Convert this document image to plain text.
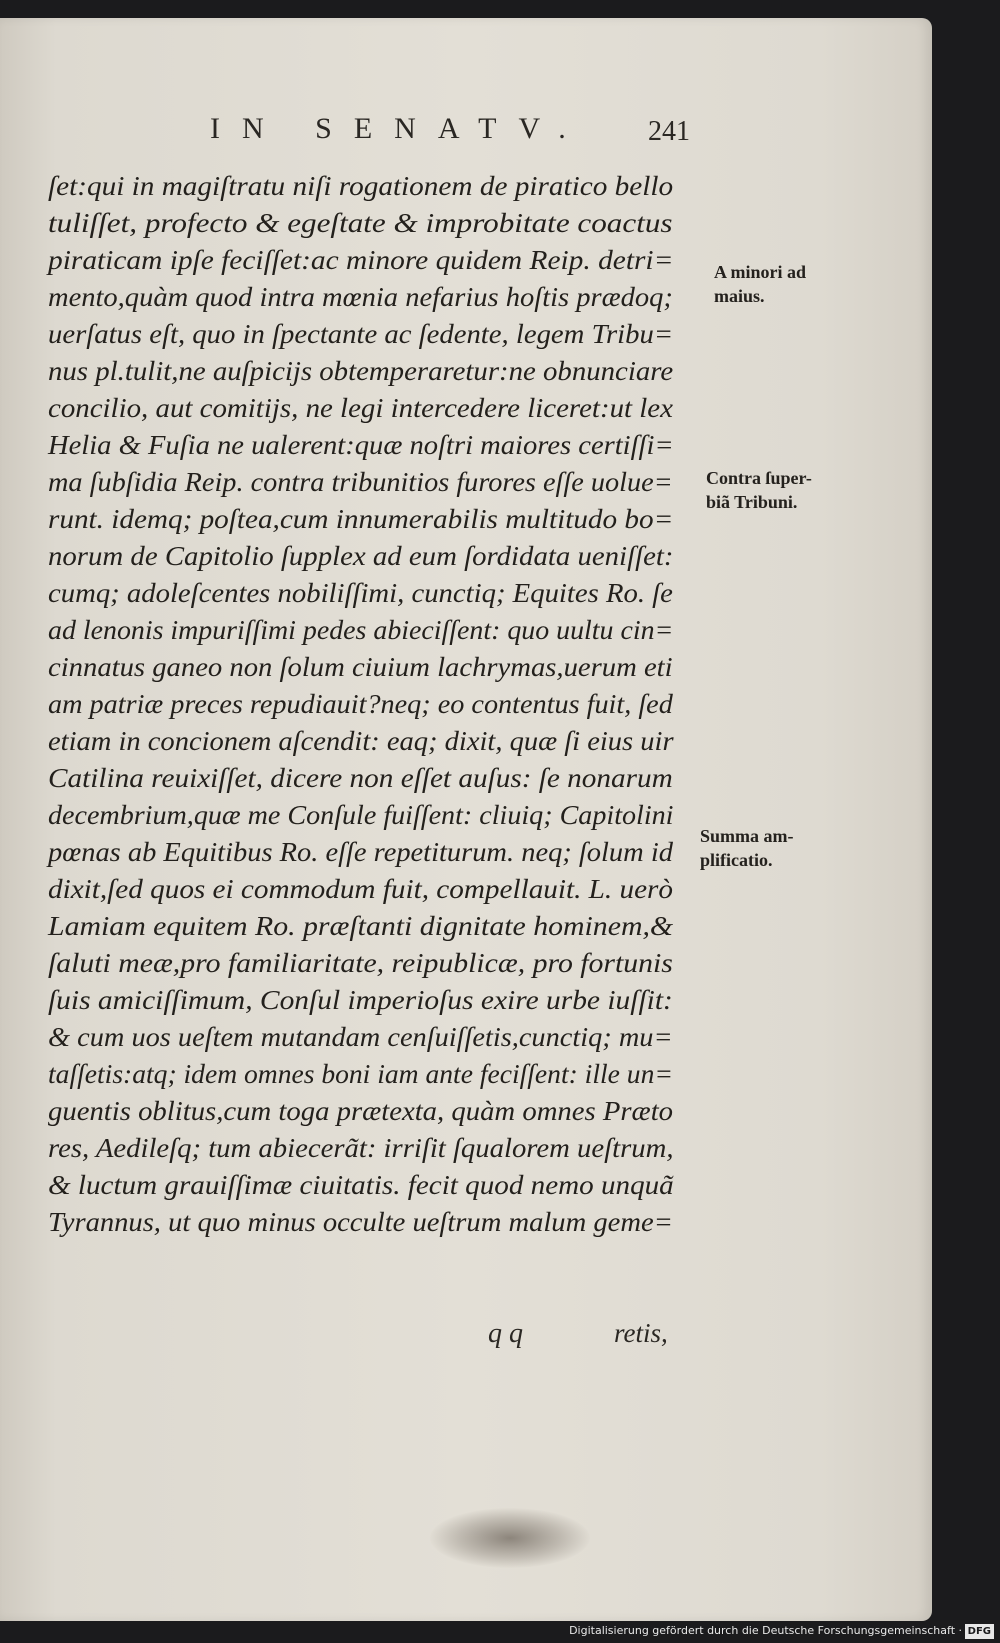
IN SENATV. 241
ſet:qui in magiſtratu niſi rogationem de piratico bello
tuliſſet, profecto & egeſtate & improbitate coactus
piraticam ipſe feciſſet:ac minore quidem Reip. detri=
mento,quàm quod intra mœnia nefarius hoſtis prædoq;
uerſatus eſt, quo in ſpectante ac ſedente, legem Tribu=
nus pl.tulit,ne auſpicijs obtemperaretur:ne obnunciare
concilio, aut comitijs, ne legi intercedere liceret:ut lex
Helia & Fuſia ne ualerent:quæ noſtri maiores certiſſi=
ma ſubſidia Reip. contra tribunitios furores eſſe uolue=
runt. idemq; poſtea,cum innumerabilis multitudo bo=
norum de Capitolio ſupplex ad eum ſordidata ueniſſet:
cumq; adoleſcentes nobiliſſimi, cunctiq; Equites Ro. ſe
ad lenonis impuriſſimi pedes abieciſſent: quo uultu cin=
cinnatus ganeo non ſolum ciuium lachrymas,uerum eti
am patriæ preces repudiauit?neq; eo contentus fuit, ſed
etiam in concionem aſcendit: eaq; dixit, quæ ſi eius uir
Catilina reuixiſſet, dicere non eſſet auſus: ſe nonarum
decembrium,quæ me Conſule fuiſſent: cliuiq; Capitolini
pœnas ab Equitibus Ro. eſſe repetiturum. neq; ſolum id
dixit,ſed quos ei commodum fuit, compellauit. L. uerò
Lamiam equitem Ro. præſtanti dignitate hominem,&
ſaluti meæ,pro familiaritate, reipublicæ, pro fortunis
ſuis amiciſſimum, Conſul imperioſus exire urbe iuſſit:
& cum uos ueſtem mutandam cenſuiſſetis,cunctiq; mu=
taſſetis:atq; idem omnes boni iam ante feciſſent: ille un=
guentis oblitus,cum toga prætexta, quàm omnes Præto
res, Aedileſq; tum abiecerãt: irriſit ſqualorem ueſtrum,
& luctum grauiſſimæ ciuitatis. fecit quod nemo unquã
Tyrannus, ut quo minus occulte ueſtrum malum geme=
A minori ad
maius.
Contra ſuper-
biã Tribuni.
Summa am-
plificatio.
q q	retis,
Digitalisierung gefördert durch die Deutsche Forschungsgemeinschaft · DFG
